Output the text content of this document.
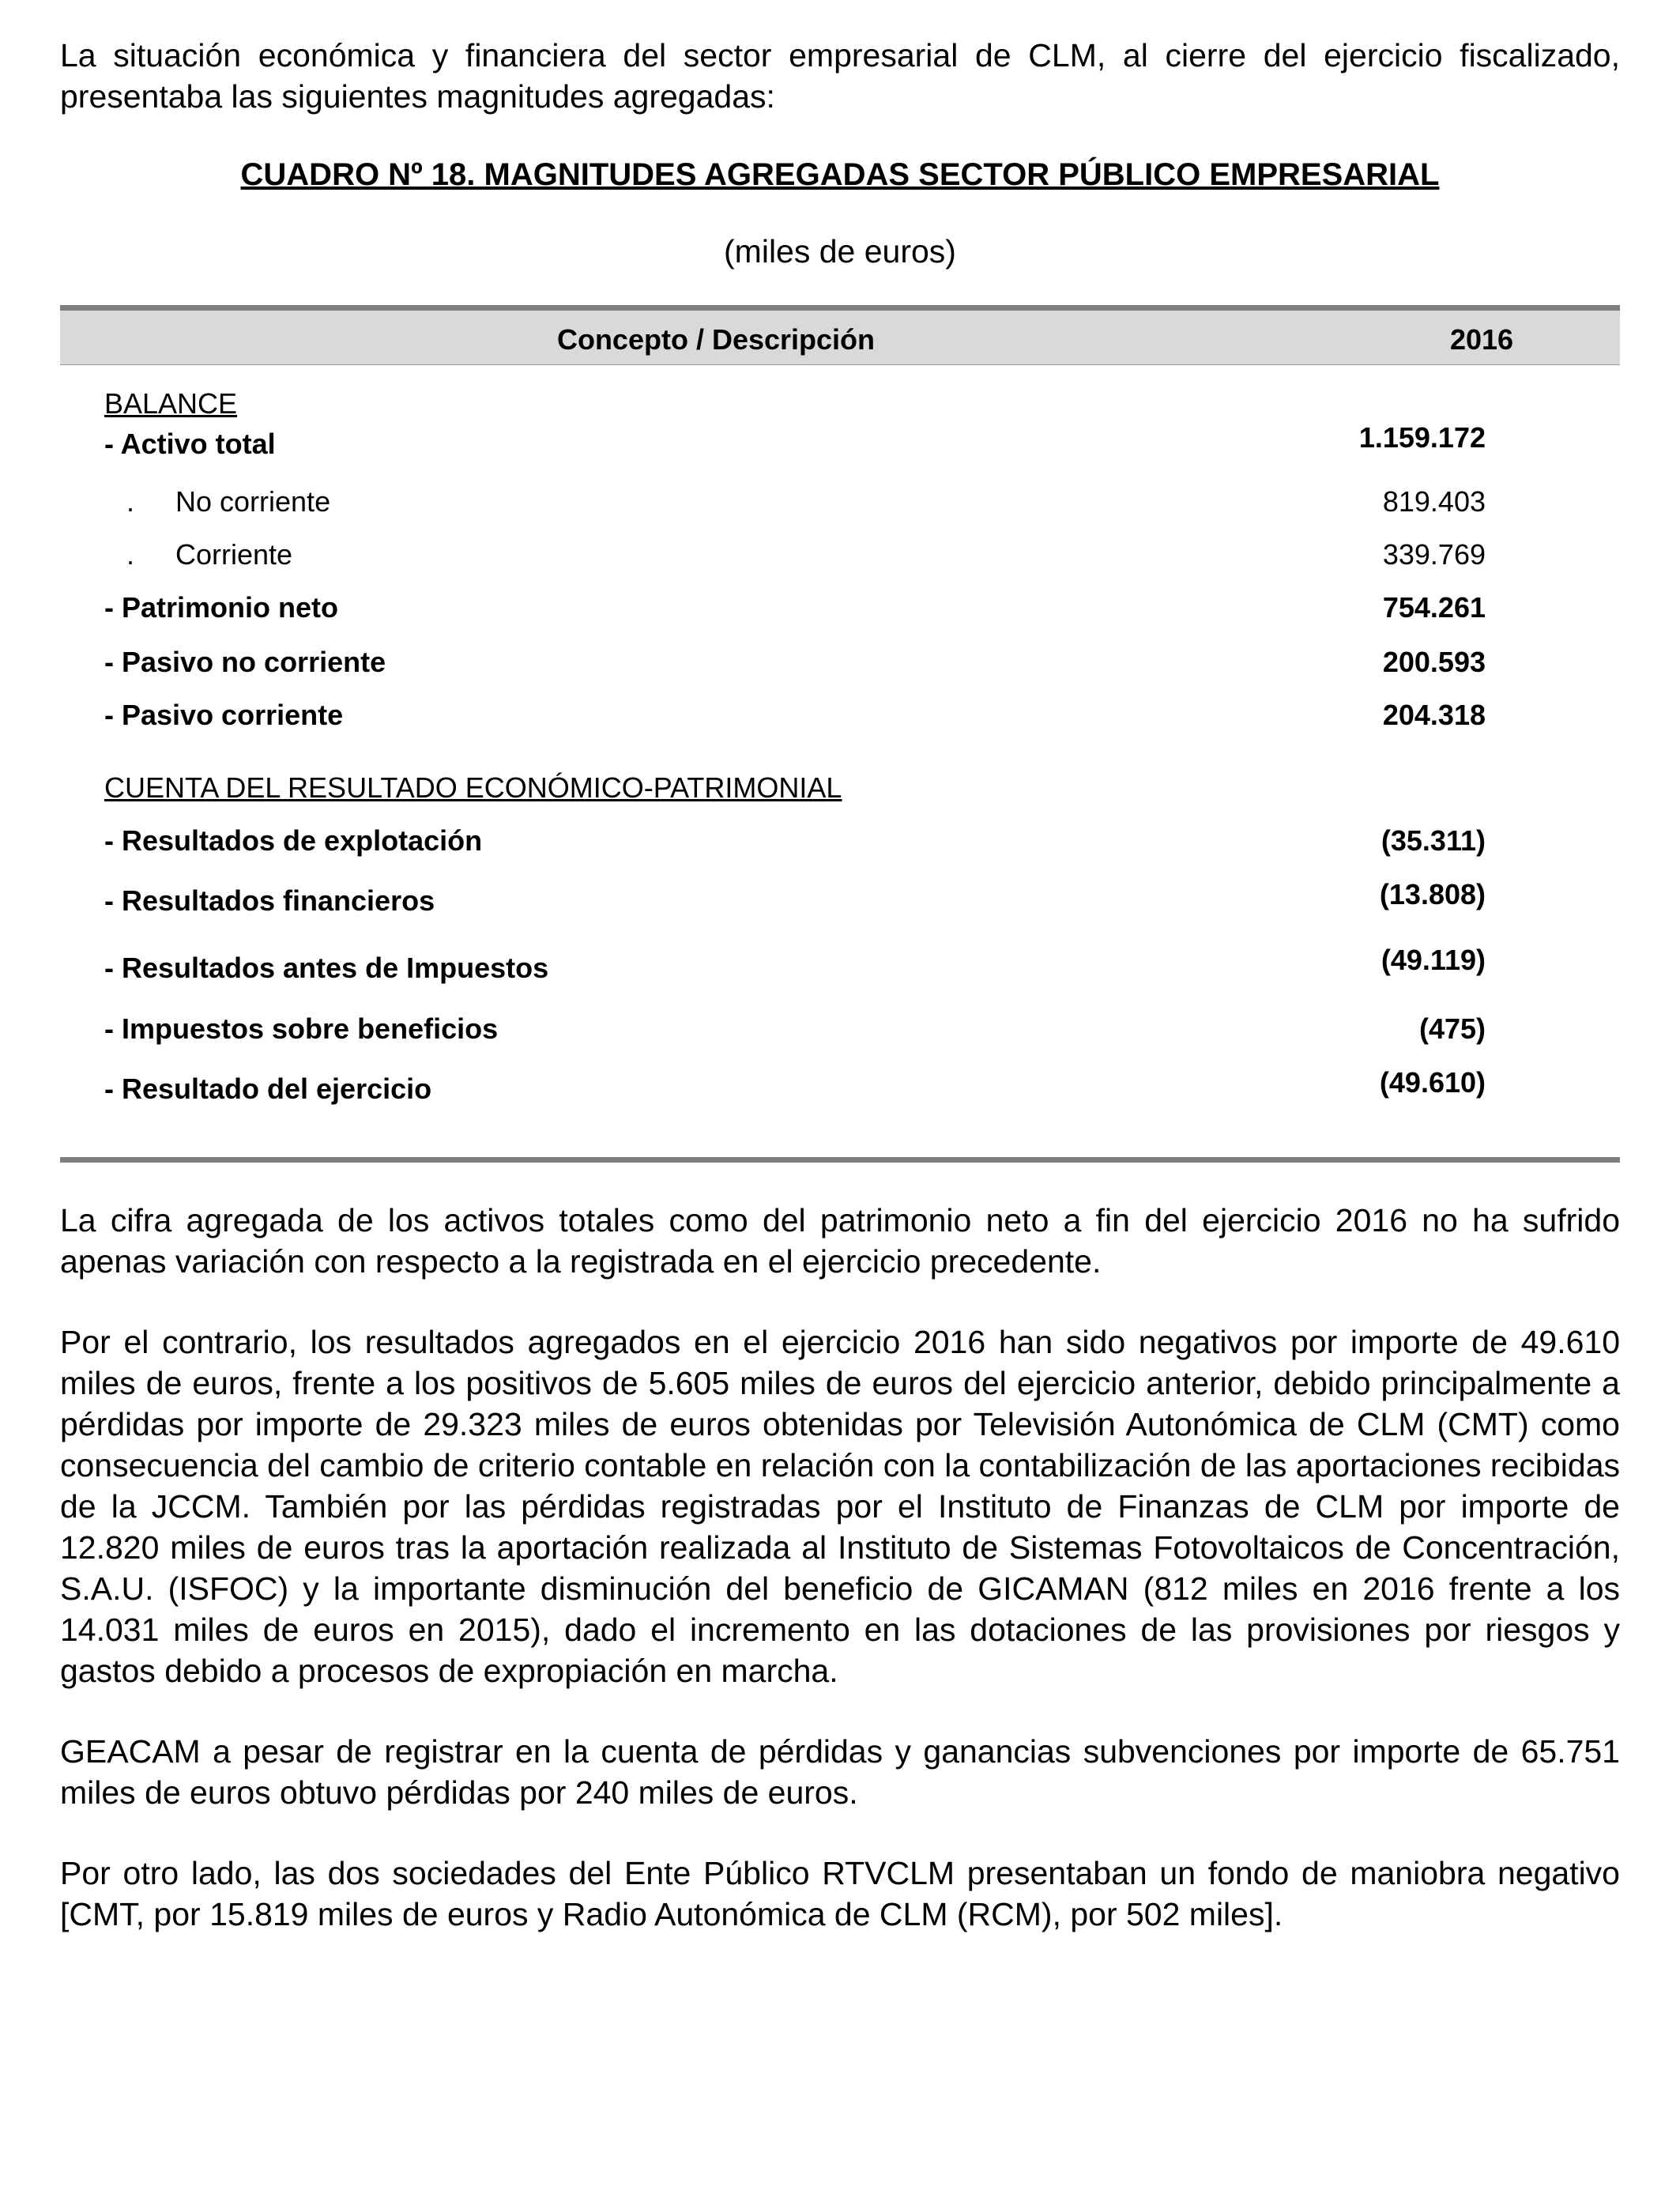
La situación económica y financiera del sector empresarial de CLM, al cierre del ejercicio fiscalizado, presentaba las siguientes magnitudes agregadas:

CUADRO Nº 18. MAGNITUDES AGREGADAS SECTOR PÚBLICO EMPRESARIAL

(miles de euros)

Concepto / Descripción	2016
BALANCE
- Activo total	1.159.172
. No corriente	819.403
. Corriente	339.769
- Patrimonio neto	754.261
- Pasivo no corriente	200.593
- Pasivo corriente	204.318
CUENTA DEL RESULTADO ECONÓMICO-PATRIMONIAL
- Resultados de explotación	(35.311)
- Resultados financieros	(13.808)
- Resultados antes de Impuestos	(49.119)
- Impuestos sobre beneficios	(475)
- Resultado del ejercicio	(49.610)

La cifra agregada de los activos totales como del patrimonio neto a fin del ejercicio 2016 no ha sufrido apenas variación con respecto a la registrada en el ejercicio precedente.

Por el contrario, los resultados agregados en el ejercicio 2016 han sido negativos por importe de 49.610 miles de euros, frente a los positivos de 5.605 miles de euros del ejercicio anterior, debido principalmente a pérdidas por importe de 29.323 miles de euros obtenidas por Televisión Autonómica de CLM (CMT) como consecuencia del cambio de criterio contable en relación con la contabilización de las aportaciones recibidas de la JCCM. También por las pérdidas registradas por el Instituto de Finanzas de CLM por importe de 12.820 miles de euros tras la aportación realizada al Instituto de Sistemas Fotovoltaicos de Concentración, S.A.U. (ISFOC) y la importante disminución del beneficio de GICAMAN (812 miles en 2016 frente a los 14.031 miles de euros en 2015), dado el incremento en las dotaciones de las provisiones por riesgos y gastos debido a procesos de expropiación en marcha.

GEACAM a pesar de registrar en la cuenta de pérdidas y ganancias subvenciones por importe de 65.751 miles de euros obtuvo pérdidas por 240 miles de euros.

Por otro lado, las dos sociedades del Ente Público RTVCLM presentaban un fondo de maniobra negativo [CMT, por 15.819 miles de euros y Radio Autonómica de CLM (RCM), por 502 miles].
